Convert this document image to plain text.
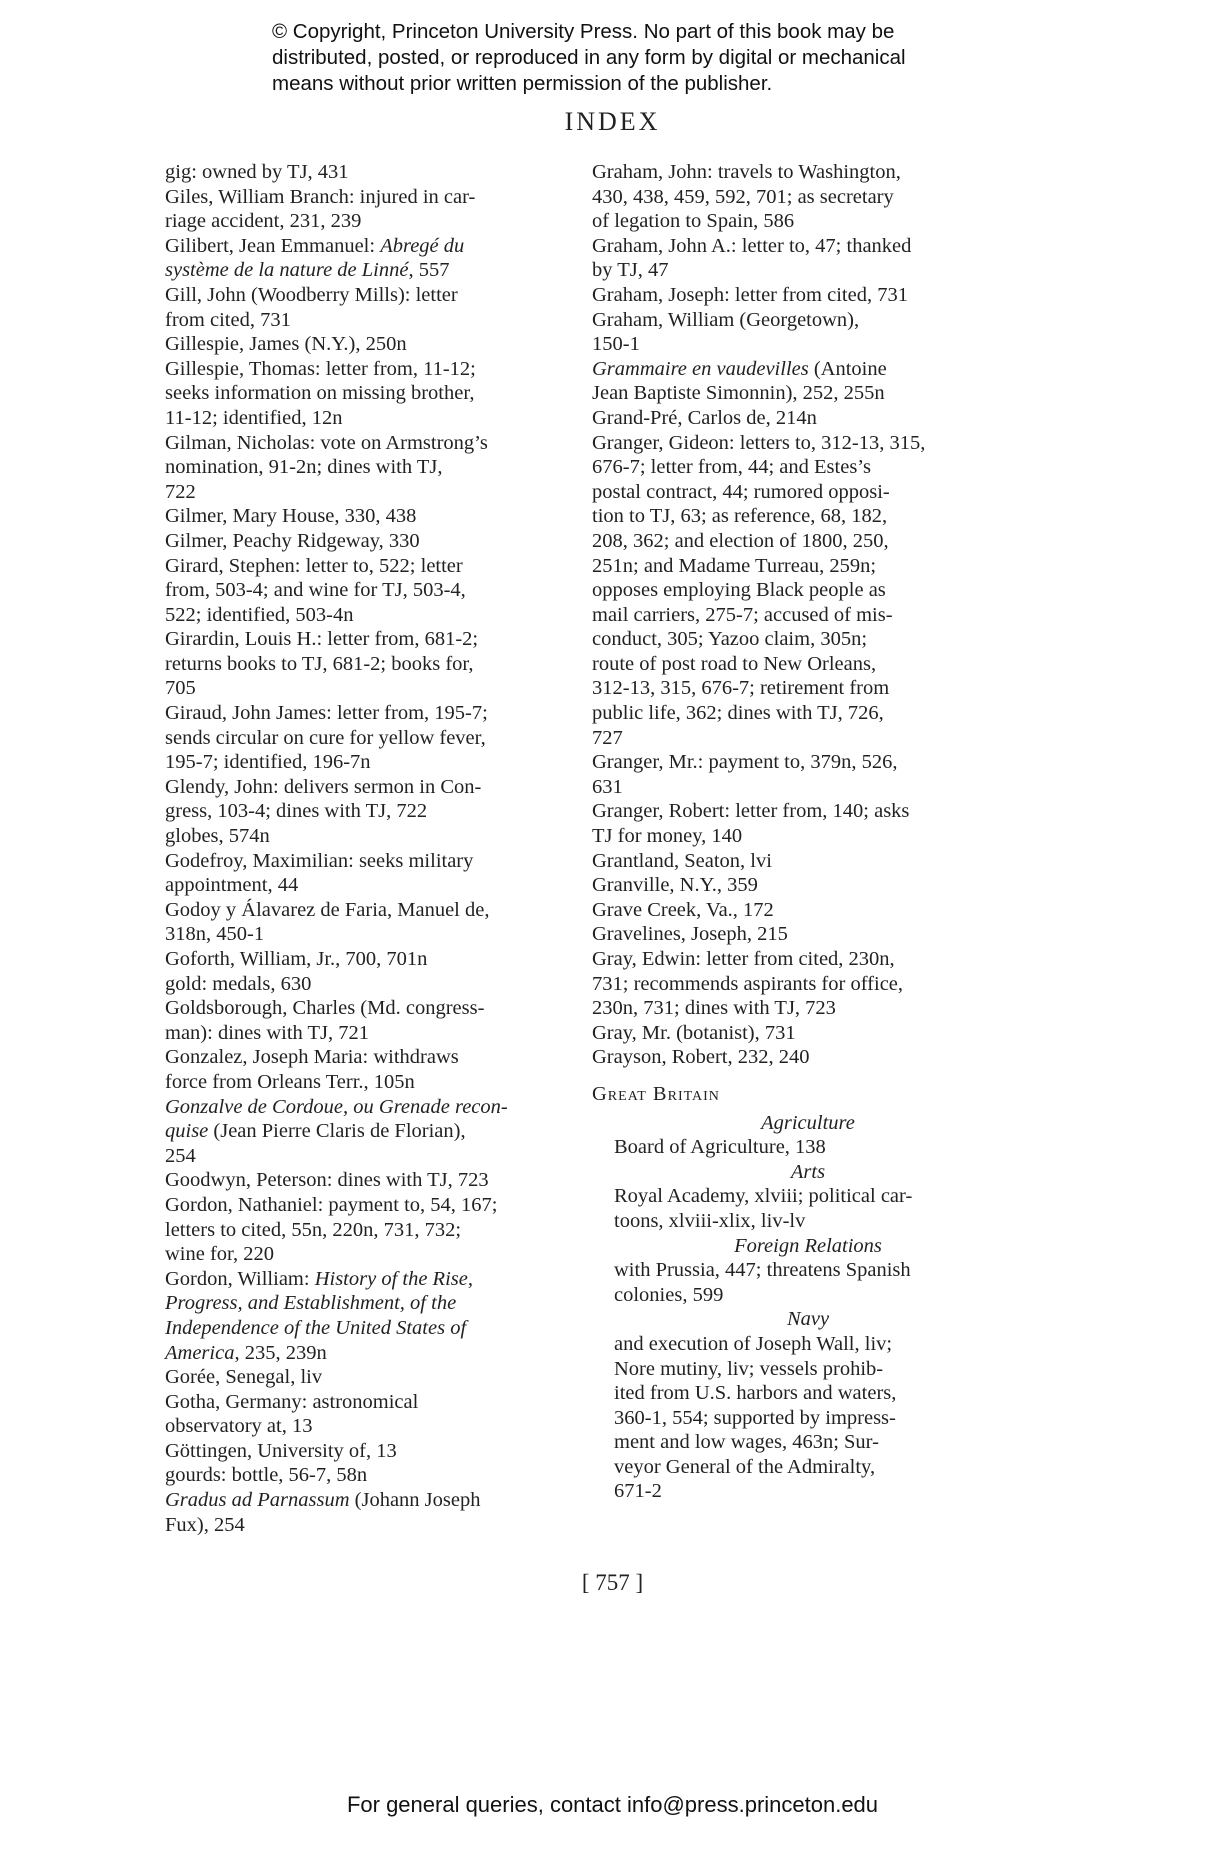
© Copyright, Princeton University Press. No part of this book may be
distributed, posted, or reproduced in any form by digital or mechanical
means without prior written permission of the publisher.
INDEX
gig: owned by TJ, 431
Giles, William Branch: injured in car-
riage accident, 231, 239
Gilibert, Jean Emmanuel: Abregé du
système de la nature de Linné, 557
Gill, John (Woodberry Mills): letter
from cited, 731
Gillespie, James (N.Y.), 250n
Gillespie, Thomas: letter from, 11-12;
seeks information on missing brother,
11-12; identified, 12n
Gilman, Nicholas: vote on Armstrong’s
nomination, 91-2n; dines with TJ,
722
Gilmer, Mary House, 330, 438
Gilmer, Peachy Ridgeway, 330
Girard, Stephen: letter to, 522; letter
from, 503-4; and wine for TJ, 503-4,
522; identified, 503-4n
Girardin, Louis H.: letter from, 681-2;
returns books to TJ, 681-2; books for,
705
Giraud, John James: letter from, 195-7;
sends circular on cure for yellow fever,
195-7; identified, 196-7n
Glendy, John: delivers sermon in Con-
gress, 103-4; dines with TJ, 722
globes, 574n
Godefroy, Maximilian: seeks military
appointment, 44
Godoy y Álavarez de Faria, Manuel de,
318n, 450-1
Goforth, William, Jr., 700, 701n
gold: medals, 630
Goldsborough, Charles (Md. congress-
man): dines with TJ, 721
Gonzalez, Joseph Maria: withdraws
force from Orleans Terr., 105n
Gonzalve de Cordoue, ou Grenade recon-
quise (Jean Pierre Claris de Florian),
254
Goodwyn, Peterson: dines with TJ, 723
Gordon, Nathaniel: payment to, 54, 167;
letters to cited, 55n, 220n, 731, 732;
wine for, 220
Gordon, William: History of the Rise,
Progress, and Establishment, of the
Independence of the United States of
America, 235, 239n
Gorée, Senegal, liv
Gotha, Germany: astronomical
observatory at, 13
Göttingen, University of, 13
gourds: bottle, 56-7, 58n
Gradus ad Parnassum (Johann Joseph
Fux), 254
Graham, John: travels to Washington,
430, 438, 459, 592, 701; as secretary
of legation to Spain, 586
Graham, John A.: letter to, 47; thanked
by TJ, 47
Graham, Joseph: letter from cited, 731
Graham, William (Georgetown),
150-1
Grammaire en vaudevilles (Antoine
Jean Baptiste Simonnin), 252, 255n
Grand-Pré, Carlos de, 214n
Granger, Gideon: letters to, 312-13, 315,
676-7; letter from, 44; and Estes’s
postal contract, 44; rumored opposi-
tion to TJ, 63; as reference, 68, 182,
208, 362; and election of 1800, 250,
251n; and Madame Turreau, 259n;
opposes employing Black people as
mail carriers, 275-7; accused of mis-
conduct, 305; Yazoo claim, 305n;
route of post road to New Orleans,
312-13, 315, 676-7; retirement from
public life, 362; dines with TJ, 726,
727
Granger, Mr.: payment to, 379n, 526,
631
Granger, Robert: letter from, 140; asks
TJ for money, 140
Grantland, Seaton, lvi
Granville, N.Y., 359
Grave Creek, Va., 172
Gravelines, Joseph, 215
Gray, Edwin: letter from cited, 230n,
731; recommends aspirants for office,
230n, 731; dines with TJ, 723
Gray, Mr. (botanist), 731
Grayson, Robert, 232, 240
Great Britain
Agriculture
Board of Agriculture, 138
Arts
Royal Academy, xlviii; political car-
toons, xlviii-xlix, liv-lv
Foreign Relations
with Prussia, 447; threatens Spanish
colonies, 599
Navy
and execution of Joseph Wall, liv;
Nore mutiny, liv; vessels prohib-
ited from U.S. harbors and waters,
360-1, 554; supported by impress-
ment and low wages, 463n; Sur-
veyor General of the Admiralty,
671-2
[ 757 ]
For general queries, contact info@press.princeton.edu
